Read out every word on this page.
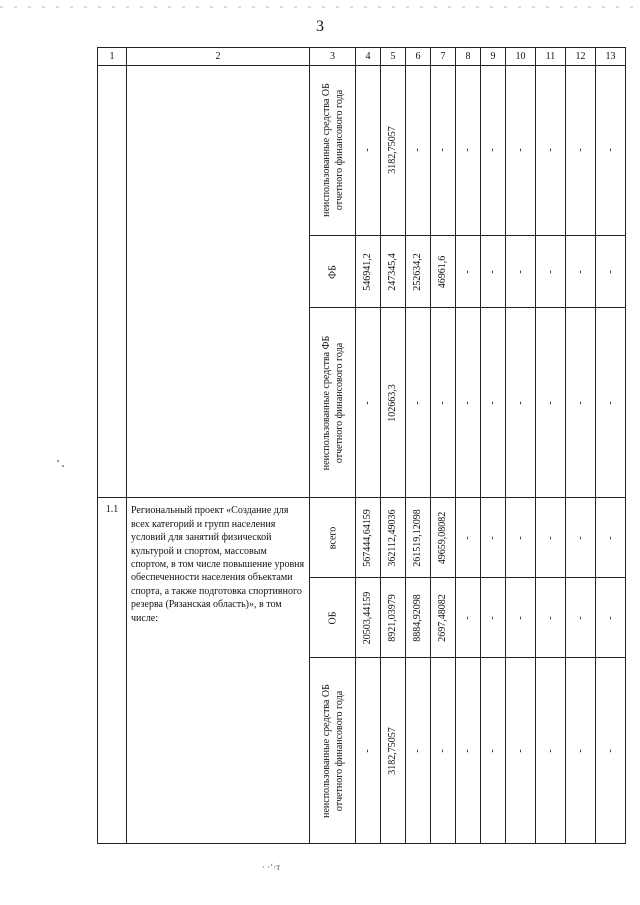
3
1	2	3	4	5	6	7	8	9	10	11	12	13

		неиспользованные средства ОБ
отчетного финансового года	-	3182,75057	-	-	-	-	-	-	-	-

		ФБ	546941,2	247345,4	252634,2	46961,6	-	-	-	-	-	-

		неиспользованные средства ФБ
отчетного финансового года	-	102663,3	-	-	-	-	-	-	-	-

1.1	Региональный проект «Создание для всех категорий и групп населения условий для занятий физической культурой и спортом, массовым спортом, в том числе повышение уровня обеспеченности населения объектами спорта, а также подготовка спортивного резерва (Рязанская область)», в том числе:	всего	567444,64159	362112,49036	261519,12098	49659,08082	-	-	-	-	-	-

		ОБ	20503,44159	8921,03979	8884,92098	2697,48082	-	-	-	-	-	-

		неиспользованные средства ОБ
отчетного финансового года	-	3182,75057	-	-	-	-	-	-	-	-
· ·‘·т
